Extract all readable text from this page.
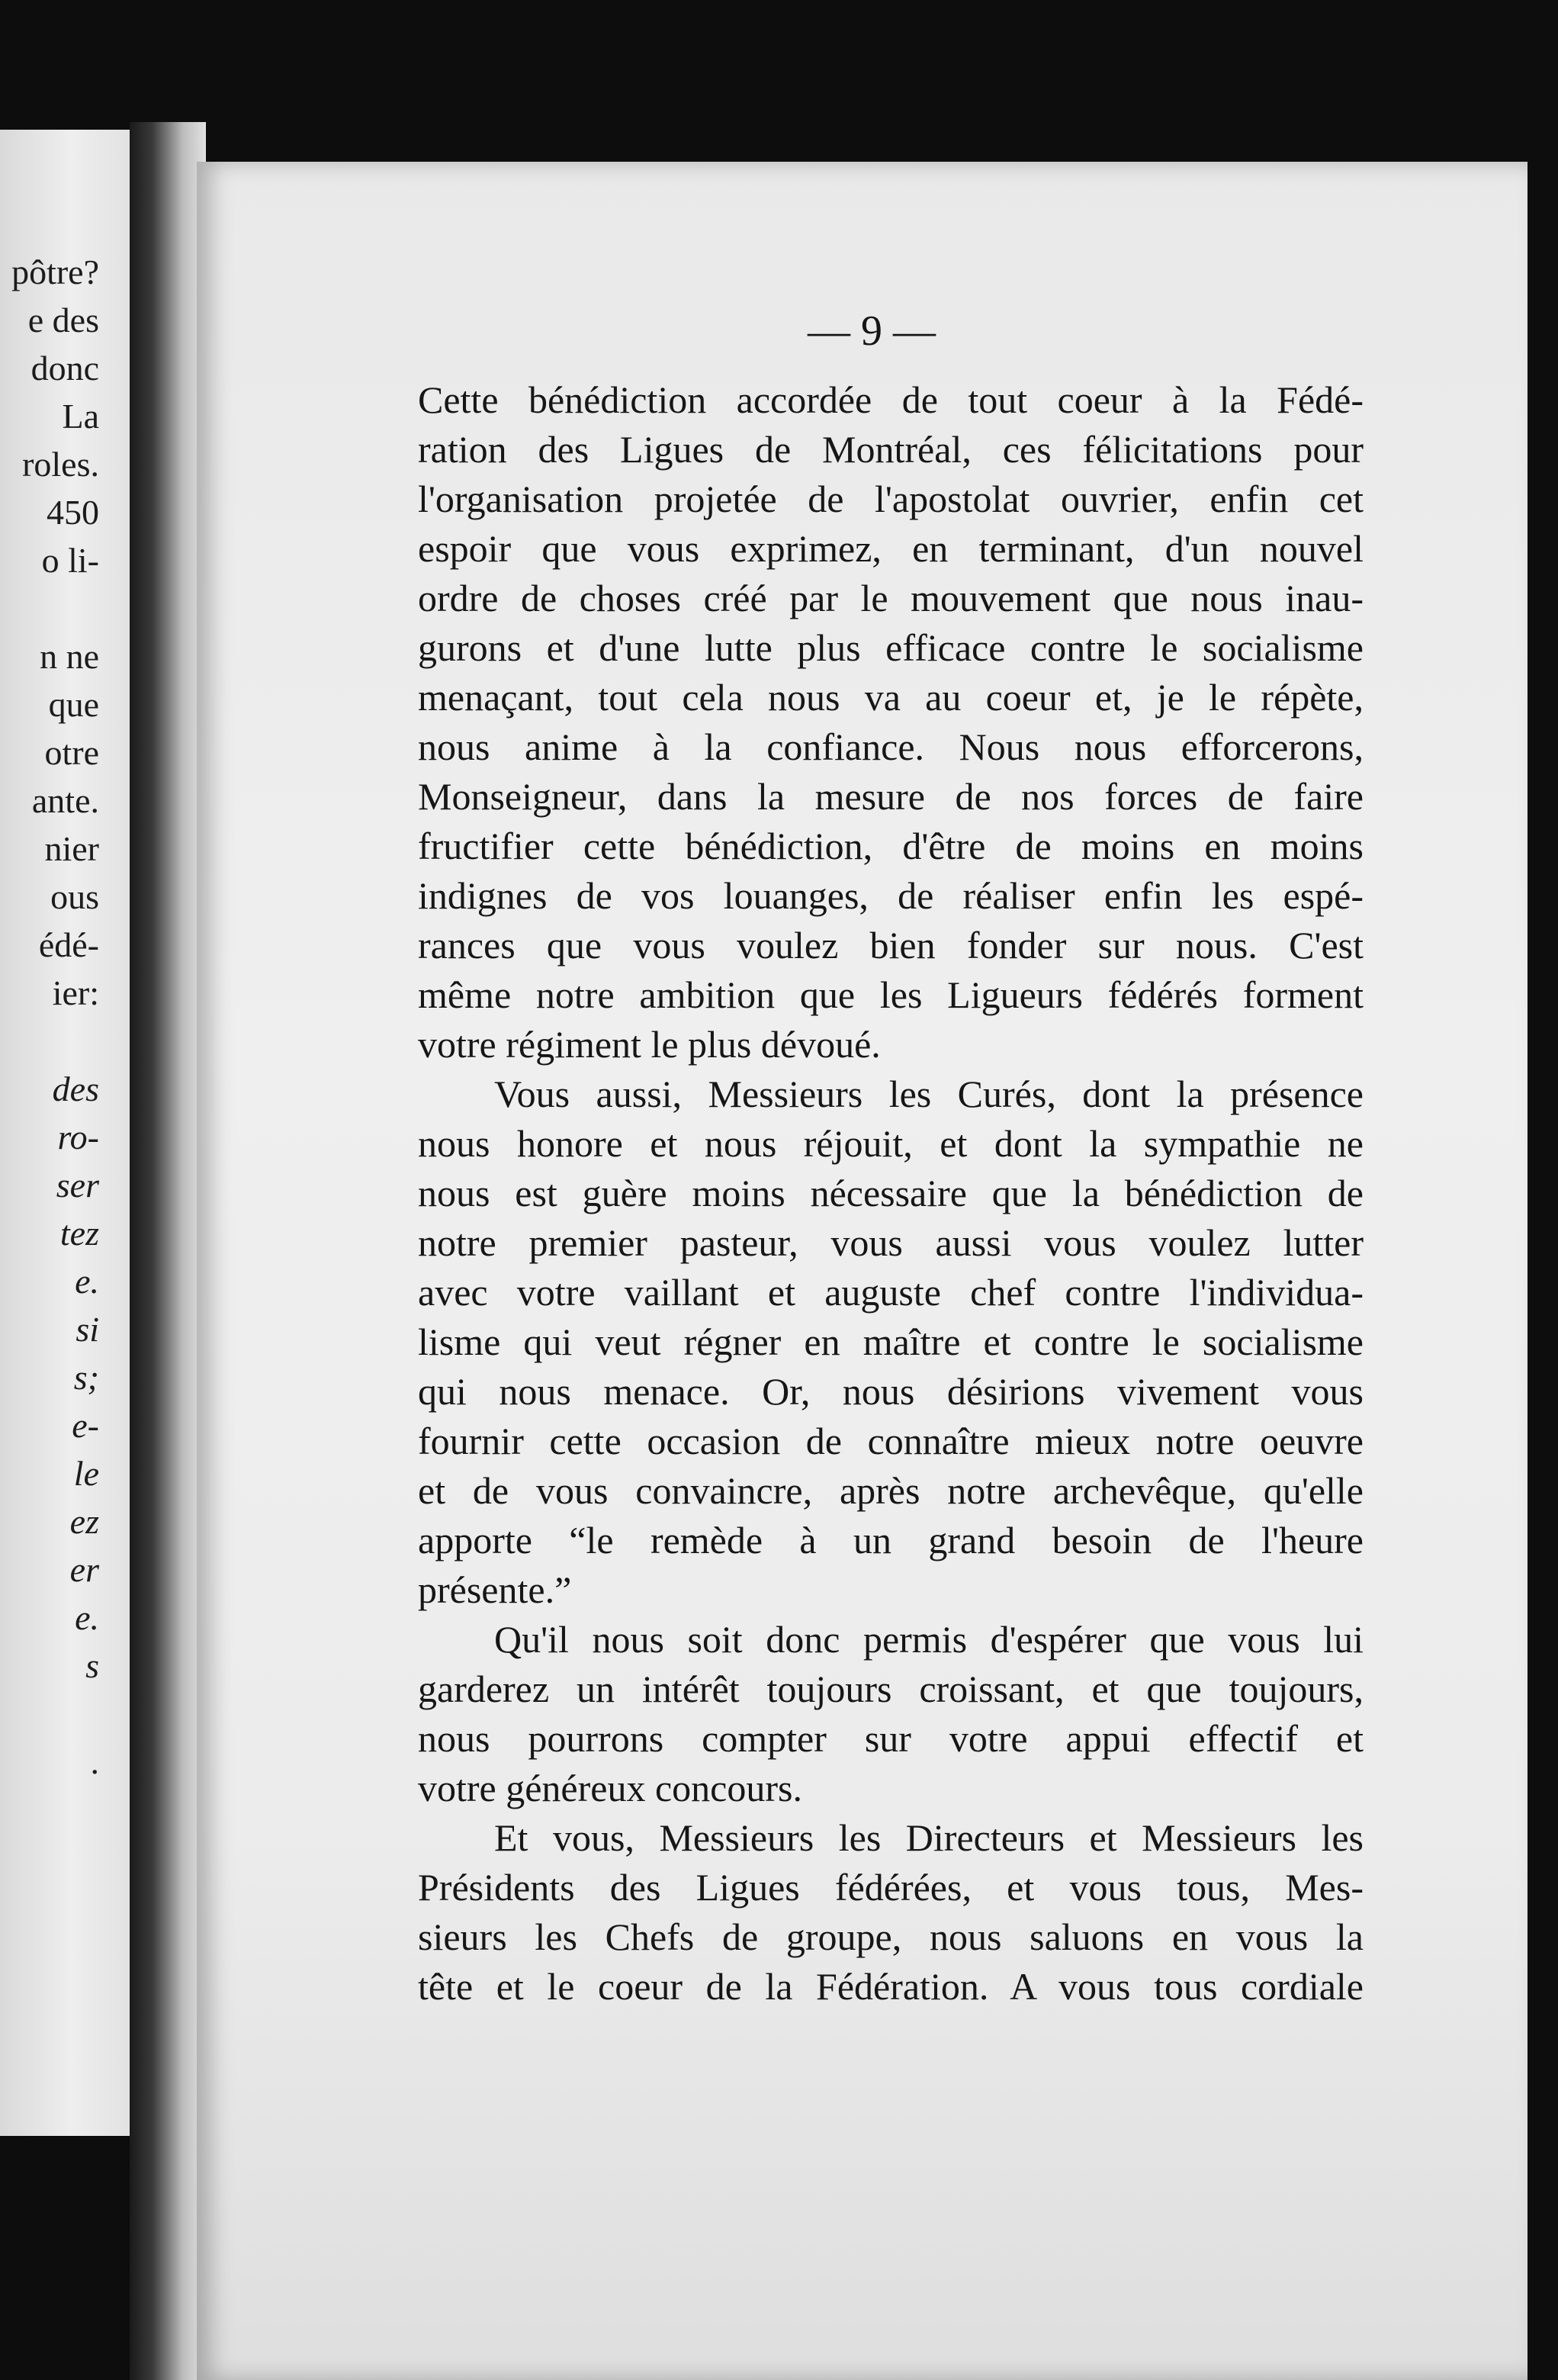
pôtre?
e des
donc
La
roles.
450
o li-
n ne
que
otre
ante.
nier
ous
édé-
ier:
des
ro-
ser
tez
e.
si
s;
e-
le
ez
er
e.
s
.
— 9 —
Cette bénédiction accordée de tout coeur à la Fédé-
ration des Ligues de Montréal, ces félicitations pour
l'organisation projetée de l'apostolat ouvrier, enfin cet
espoir que vous exprimez, en terminant, d'un nouvel
ordre de choses créé par le mouvement que nous inau-
gurons et d'une lutte plus efficace contre le socialisme
menaçant, tout cela nous va au coeur et, je le répète,
nous anime à la confiance. Nous nous efforcerons,
Monseigneur, dans la mesure de nos forces de faire
fructifier cette bénédiction, d'être de moins en moins
indignes de vos louanges, de réaliser enfin les espé-
rances que vous voulez bien fonder sur nous. C'est
même notre ambition que les Ligueurs fédérés forment
votre régiment le plus dévoué.
Vous aussi, Messieurs les Curés, dont la présence
nous honore et nous réjouit, et dont la sympathie ne
nous est guère moins nécessaire que la bénédiction de
notre premier pasteur, vous aussi vous voulez lutter
avec votre vaillant et auguste chef contre l'individua-
lisme qui veut régner en maître et contre le socialisme
qui nous menace. Or, nous désirions vivement vous
fournir cette occasion de connaître mieux notre oeuvre
et de vous convaincre, après notre archevêque, qu'elle
apporte “le remède à un grand besoin de l'heure
présente.”
Qu'il nous soit donc permis d'espérer que vous lui
garderez un intérêt toujours croissant, et que toujours,
nous pourrons compter sur votre appui effectif et
votre généreux concours.
Et vous, Messieurs les Directeurs et Messieurs les
Présidents des Ligues fédérées, et vous tous, Mes-
sieurs les Chefs de groupe, nous saluons en vous la
tête et le coeur de la Fédération. A vous tous cordiale
